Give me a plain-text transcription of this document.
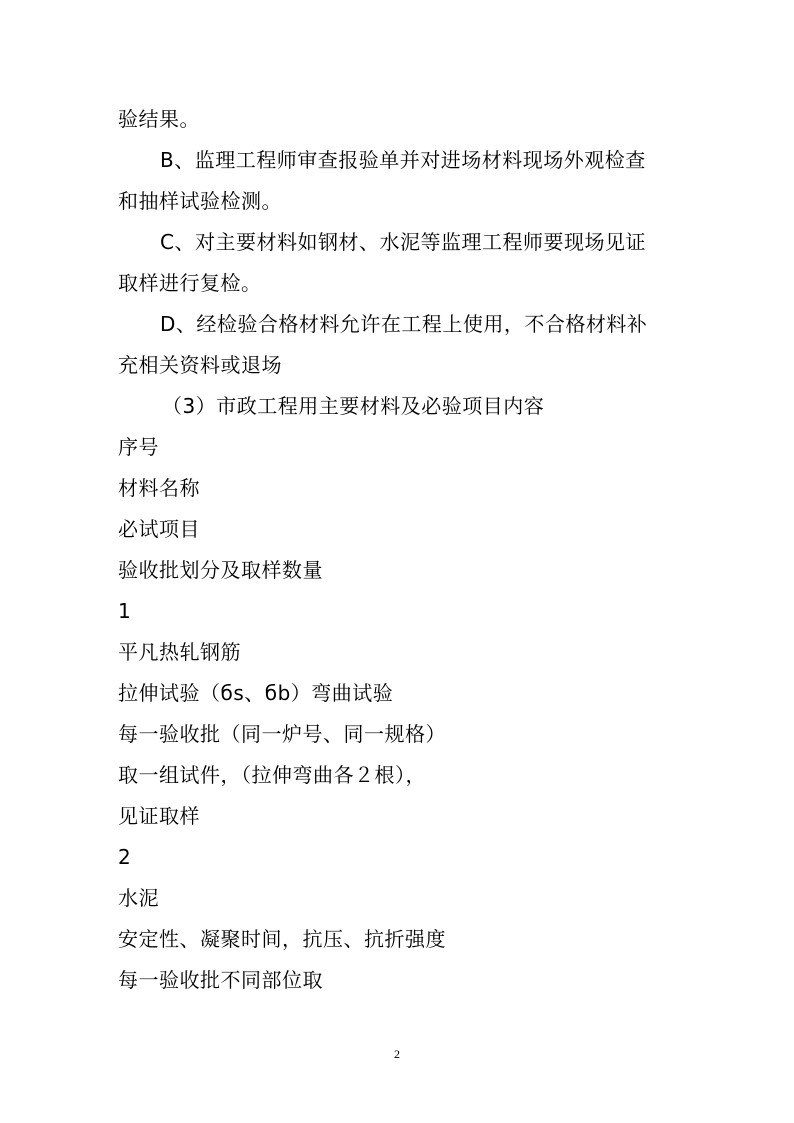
验结果。
B、监理工程师审查报验单并对进场材料现场外观检查
和抽样试验检测。
C、对主要材料如钢材、水泥等监理工程师要现场见证
取样进行复检。
D、经检验合格材料允许在工程上使用，不合格材料补
充相关资料或退场
（3）市政工程用主要材料及必验项目内容
序号
材料名称
必试项目
验收批划分及取样数量
1
平凡热轧钢筋
拉伸试验（бs、бb）弯曲试验
每一验收批（同一炉号、同一规格）
取一组试件，（拉伸弯曲各２根），
见证取样
2
水泥
安定性、凝聚时间，抗压、抗折强度
每一验收批不同部位取
2
